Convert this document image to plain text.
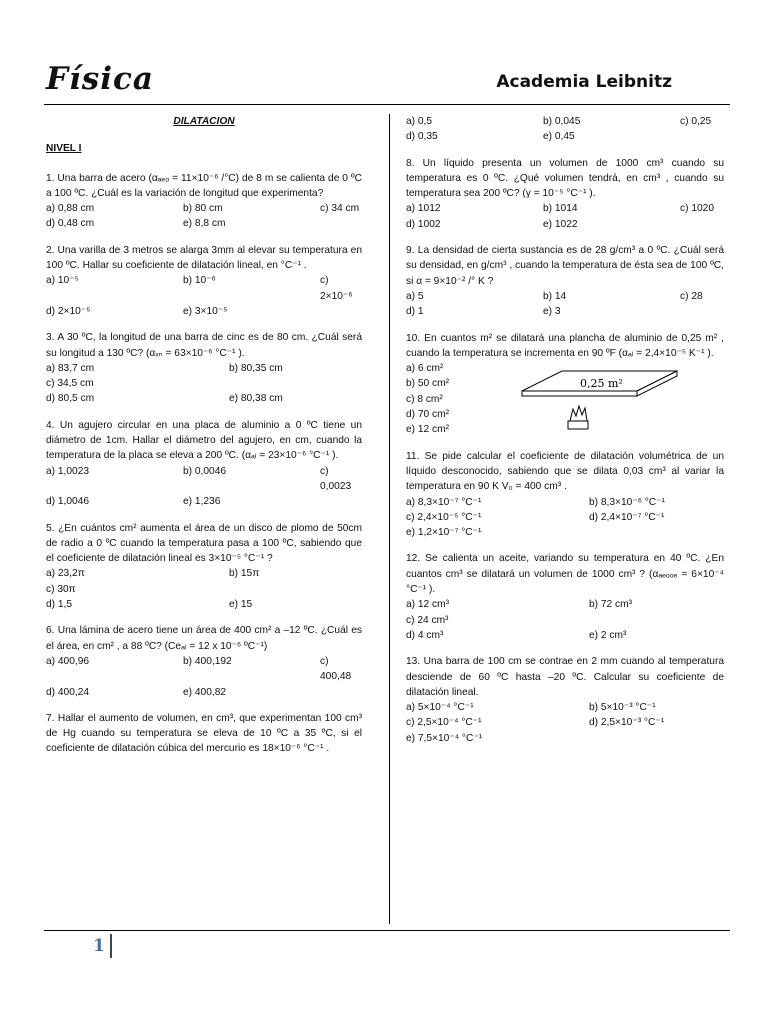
Física	Academia Leibnitz
DILATACION
NIVEL I
1. Una barra de acero (αₐₑₒ = 11×10⁻⁶ /°C) de 8 m se calienta de 0 ºC a 100 ºC. ¿Cuál es la variación de longitud que experimenta?
a) 0,88 cm	b) 80 cm	c) 34 cm
d) 0,48 cm	e) 8,8 cm
2. Una varilla de 3 metros se alarga 3mm al elevar su temperatura en 100 ºC. Hallar su coeficiente de dilatación lineal, en °C⁻¹ .
a) 10⁻⁵	b) 10⁻⁶	c) 2×10⁻⁶
d) 2×10⁻⁵	e) 3×10⁻⁵
3. A 30 ºC, la longitud de una barra de cinc es de 80 cm. ¿Cuál será su longitud a 130 ºC? (αₓₙ = 63×10⁻⁶ °C⁻¹ ).
a) 83,7 cm	b) 80,35 cm
c) 34,5 cm
d) 80,5 cm	e) 80,38 cm
4. Un agujero circular en una placa de aluminio a 0 ºC tiene un diámetro de 1cm. Hallar el diámetro del agujero, en cm, cuando la temperatura de la placa se eleva a 200 ºC. (αₐₗ = 23×10⁻⁶ °C⁻¹ ).
a) 1,0023	b) 0,0046	c) 0,0023
d) 1,0046	e) 1,236
5. ¿En cuántos cm² aumenta el área de un disco de plomo de 50cm de radio a 0 ºC cuando la temperatura pasa a 100 ºC, sabiendo que el coeficiente de dilatación lineal es 3×10⁻⁵ °C⁻¹ ?
a) 23,2π	b) 15π
c) 30π
d) 1,5	e) 15
6. Una lámina de acero tiene un área de 400 cm² a –12 ºC. ¿Cuál es el área, en cm² , a 88 ºC? (Ceₐₗ = 12 x 10⁻⁶ ºC⁻¹)
a) 400,96	b) 400,192	c) 400,48
d) 400,24	e) 400,82
7. Hallar el aumento de volumen, en cm³, que experimentan 100 cm³ de Hg cuando su temperatura se eleva de 10 ºC a 35 ºC, si el coeficiente de dilatación cúbica del mercurio es 18×10⁻⁶ °C⁻¹ .
a) 0,5	b) 0,045	c) 0,25
d) 0,35	e) 0,45
8. Un líquido presenta un volumen de 1000 cm³ cuando su temperatura es 0 ºC. ¿Qué volumen tendrá, en cm³ , cuando su temperatura sea 200 ºC? (γ = 10⁻⁵ °C⁻¹ ).
a) 1012	b) 1014	c) 1020
d) 1002	e) 1022
9. La densidad de cierta sustancia es de 28 g/cm³ a 0 ºC. ¿Cuál será su densidad, en g/cm³ , cuando la temperatura de ésta sea de 100 ºC, si α = 9×10⁻² /° K ?
a) 5	b) 14	c) 28
d) 1	e) 3
10. En cuantos m² se dilatará una plancha de aluminio de 0,25 m² , cuando la temperatura se incrementa en 90 ºF (αₐₗ = 2,4×10⁻⁵ K⁻¹ ).
a) 6 cm²
b) 50 cm²
c) 8 cm²
d) 70 cm²
e) 12 cm²
0,25 m²
11. Se pide calcular el coeficiente de dilatación volumétrica de un líquido desconocido, sabiendo que se dilata 0,03 cm³ al variar la temperatura en 90 K V₀ = 400 cm³ .
a) 8,3×10⁻⁷ °C⁻¹	b) 8,3×10⁻⁶ °C⁻¹
c) 2,4×10⁻⁵ °C⁻¹	d) 2,4×10⁻⁷ °C⁻¹
e) 1,2×10⁻⁷ °C⁻¹
12. Se calienta un aceite, variando su temperatura en 40 ºC. ¿En cuantos cm³ se dilatará un volumen de 1000 cm³ ? (αₐₑₒₒₑ = 6×10⁻⁴ °C⁻¹ ).
a) 12 cm³	b) 72 cm³
c) 24 cm³
d) 4 cm³	e) 2 cm³
13. Una barra de 100 cm se contrae en 2 mm cuando al temperatura desciende de 60 ºC hasta –20 ºC. Calcular su coeficiente de dilatación lineal.
a) 5×10⁻⁴ °C⁻¹	b) 5×10⁻³ °C⁻¹
c) 2,5×10⁻⁴ °C⁻¹	d) 2,5×10⁻³ °C⁻¹
e) 7,5×10⁻⁴ °C⁻¹
1
